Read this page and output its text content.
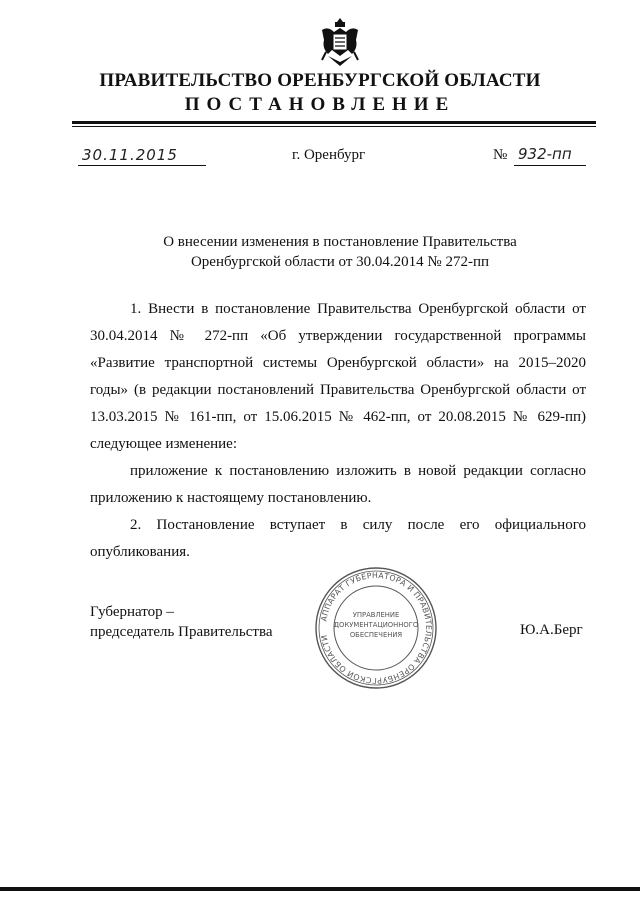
ПРАВИТЕЛЬСТВО ОРЕНБУРГСКОЙ ОБЛАСТИ
ПОСТАНОВЛЕНИЕ
30.11.2015	г. Оренбург	№ 932-пп
О внесении изменения в постановление Правительства
Оренбургской области от 30.04.2014 № 272-пп

1. Внести в постановление Правительства Оренбургской области от 30.04.2014 № 272-пп «Об утверждении государственной программы «Развитие транспортной системы Оренбургской области» на 2015–2020 годы» (в редакции постановлений Правительства Оренбургской области от 13.03.2015 № 161-пп, от 15.06.2015 № 462-пп, от 20.08.2015 № 629-пп) следующее изменение:

приложение к постановлению изложить в новой редакции согласно приложению к настоящему постановлению.

2. Постановление вступает в силу после его официального опубликования.

Губернатор –
председатель Правительства	Ю.А.Берг
АППАРАТ ГУБЕРНАТОРА И ПРАВИТЕЛЬСТВА ОРЕНБУРГСКОЙ ОБЛАСТИ
УПРАВЛЕНИЕ
ДОКУМЕНТАЦИОННОГО
ОБЕСПЕЧЕНИЯ
